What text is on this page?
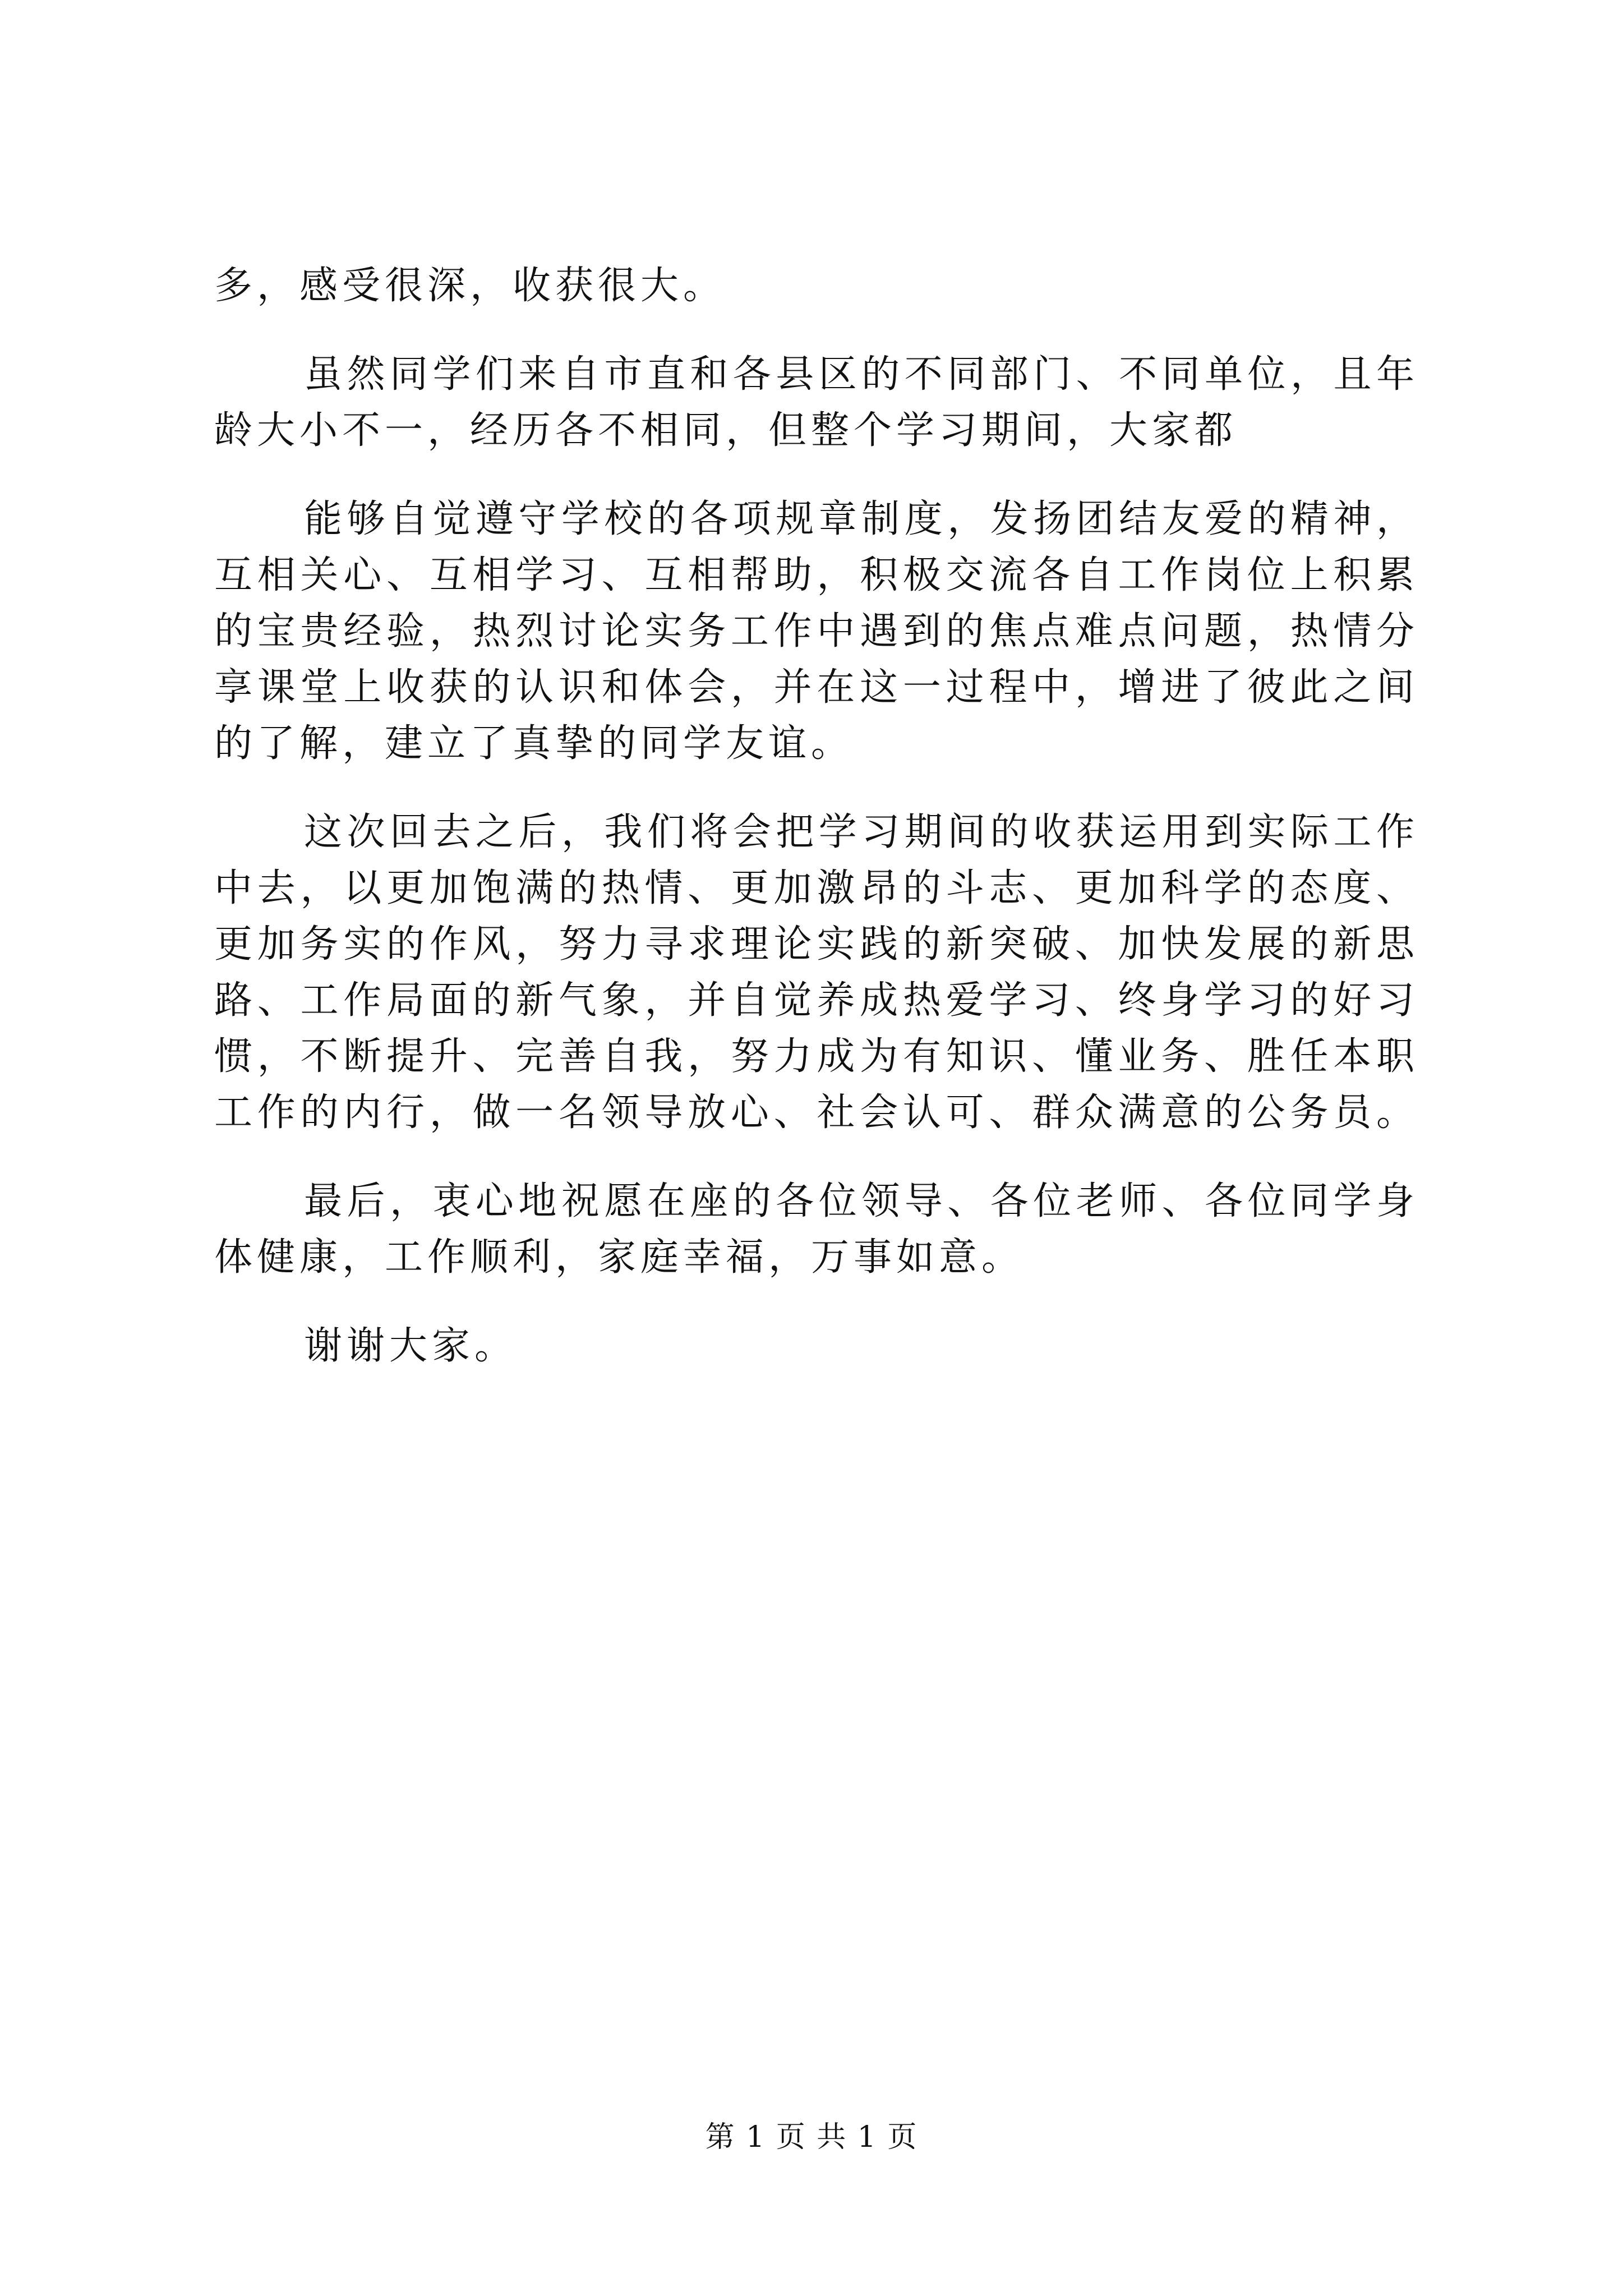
多，感受很深，收获很大。

虽然同学们来自市直和各县区的不同部门、不同单位，且年

龄大小不一，经历各不相同，但整个学习期间，大家都

能够自觉遵守学校的各项规章制度，发扬团结友爱的精神，

互相关心、互相学习、互相帮助，积极交流各自工作岗位上积累

的宝贵经验，热烈讨论实务工作中遇到的焦点难点问题，热情分

享课堂上收获的认识和体会，并在这一过程中，增进了彼此之间

的了解，建立了真挚的同学友谊。

这次回去之后，我们将会把学习期间的收获运用到实际工作

中去，以更加饱满的热情、更加激昂的斗志、更加科学的态度、

更加务实的作风，努力寻求理论实践的新突破、加快发展的新思

路、工作局面的新气象，并自觉养成热爱学习、终身学习的好习

惯，不断提升、完善自我，努力成为有知识、懂业务、胜任本职

工作的内行，做一名领导放心、社会认可、群众满意的公务员。

最后，衷心地祝愿在座的各位领导、各位老师、各位同学身

体健康，工作顺利，家庭幸福，万事如意。

谢谢大家。

第 1 页 共 1 页
